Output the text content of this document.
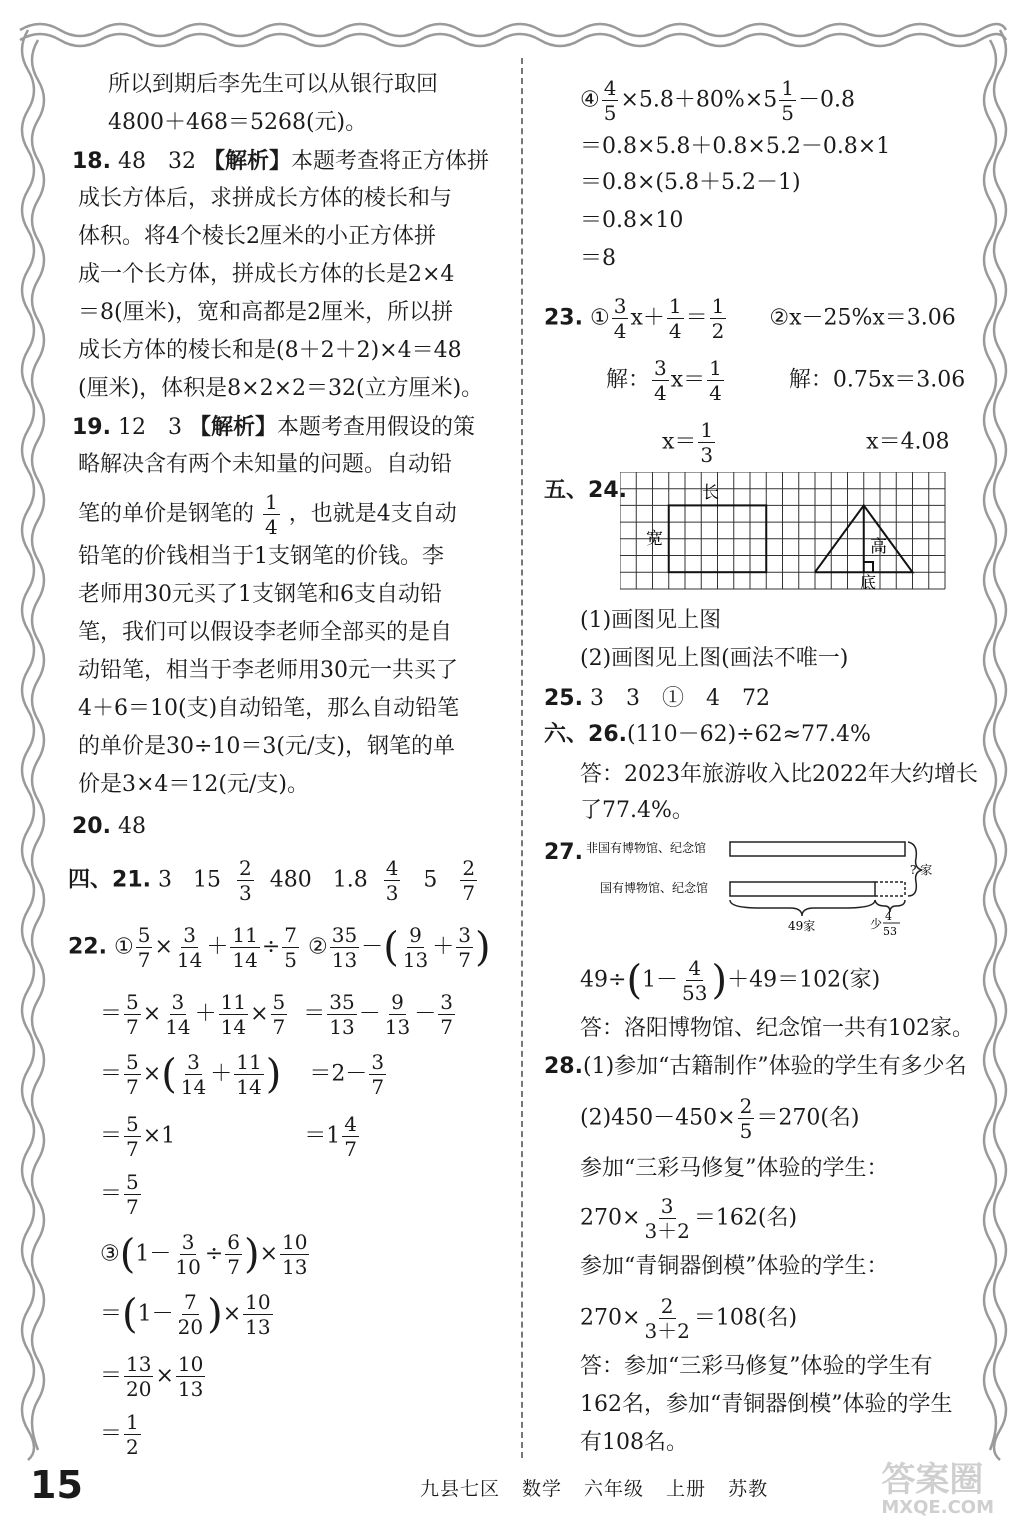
所以到期后李先生可以从银行取回
4800＋468＝5268(元)。
18. 48　32 【解析】本题考查将正方体拼
成长方体后，求拼成长方体的棱长和与
体积。将4个棱长2厘米的小正方体拼
成一个长方体，拼成长方体的长是2×4
＝8(厘米)，宽和高都是2厘米，所以拼
成长方体的棱长和是(8＋2＋2)×4＝48
(厘米)，体积是8×2×2＝32(立方厘米)。
19. 12　3 【解析】本题考查用假设的策
略解决含有两个未知量的问题。自动铅
笔的单价是钢笔的 $\frac{1}{4}$ ，也就是4支自动
铅笔的价钱相当于1支钢笔的价钱。李
老师用30元买了1支钢笔和6支自动铅
笔，我们可以假设李老师全部买的是自
动铅笔，相当于李老师用30元一共买了
4＋6＝10(支)自动铅笔，那么自动铅笔
的单价是30÷10＝3(元/支)，钢笔的单
价是3×4＝12(元/支)。
20. 48
四、21. 3 $15 \frac{2}{3} 480$ $1.8 \frac{4}{3} 5 \frac{2}{7}$
22. ① $\frac{5}{7} \times \frac{3}{14} + \frac{11}{14} \div \frac{7}{5}$ ② $\frac{35}{13}$ －( $\frac{9}{13} + \frac{3}{7}$ )
＝ $\frac{5}{7} \times \frac{3}{14} + \frac{11}{14} \times \frac{5}{7} = \frac{35}{13} - \frac{9}{13} - \frac{3}{7}$
＝ $\frac{5}{7}$ ×( $\frac{3}{14} + \frac{11}{14}$ ) $=2- \frac{3}{7}$
＝ $\frac{5}{7} \times 1$	$=1 \frac{4}{7}$
＝ $\frac{5}{7}$
③(1－ $\frac{3}{10} \div \frac{6}{7}$ )× $\frac{10}{13}$
$=(1- \frac{7}{20}$ )× $\frac{10}{13}$
＝ $\frac{13}{20} \times \frac{10}{13}$
＝ $\frac{1}{2}$
④ $\frac{4}{5} \times 5.8+80\%\times 5 \frac{1}{5} -0.8$
＝0.8×5.8＋0.8×5.2－0.8×1
＝0.8×(5.8＋5.2－1)
＝0.8×10
＝8
23. ① $\frac{3}{4} x+ \frac{1}{4} = \frac{1}{2}$ ②x－25%x＝3.06
解： $\frac{3}{4} x= \frac{1}{4}$	解：0.75x＝3.06
$x= \frac{1}{3}$	x＝4.08
五、24.	长
宽	高
底
(1)画图见上图
(2)画图见上图(画法不唯一)
25. 3　3　①　4　72
六、26.(110－62)÷62≈77.4%
答：2023年旅游收入比2022年大约增长
了77.4%。
27. 非国有博物馆、纪念馆
国有博物馆、纪念馆
? 家
49家	少
4
53
$49\div(1- \frac{4}{53} )+49=102$(家)
答：洛阳博物馆、纪念馆一共有102家。
28.(1)参加“古籍制作”体验的学生有多少名
$(2)450-450\times \frac{2}{5} =270$(名)
参加“三彩马修复”体验的学生：
$270\times \frac{3}{3+2} =162$(名)
参加“青铜器倒模”体验的学生：
$270\times \frac{2}{3+2} =108$(名)
答：参加“三彩马修复”体验的学生有
162名，参加“青铜器倒模”体验的学生
有108名。
15	九县七区 数学 六年级 上册 苏教	答案圈
MXQE.COM
